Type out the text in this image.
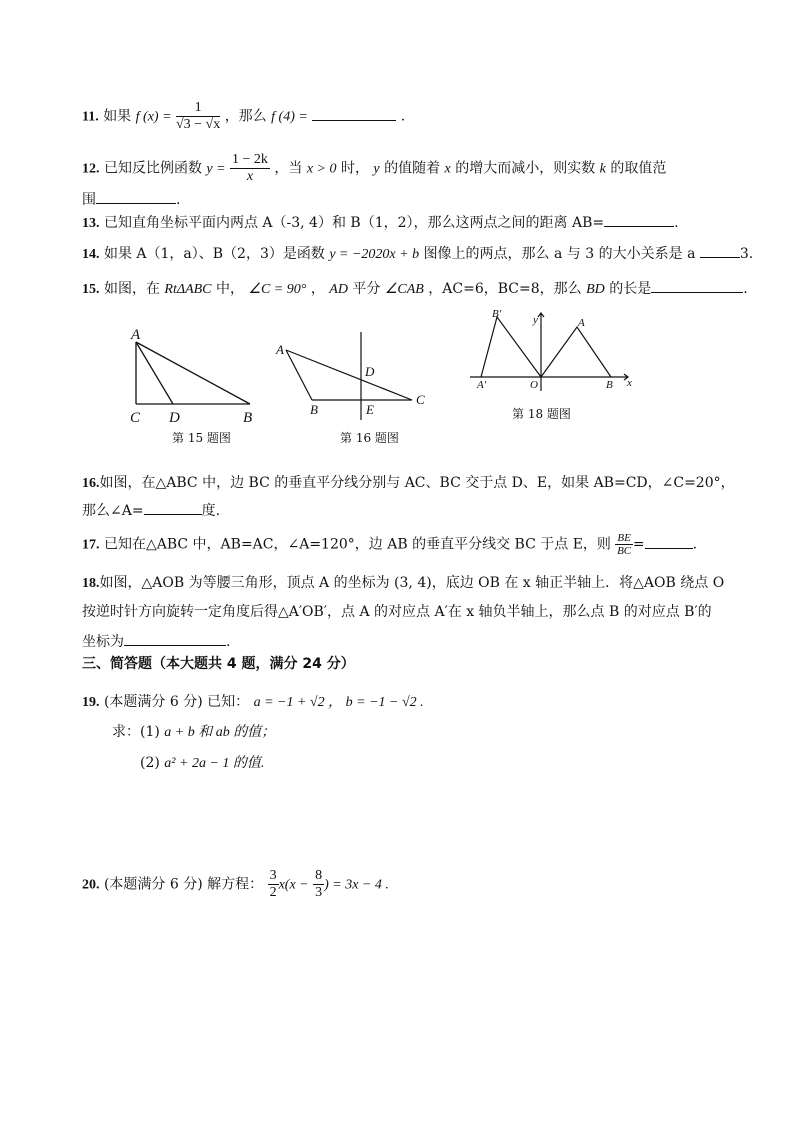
11. 如果 f $(x) = \frac{1}{√3 - √x}$ ，那么 f (4) =	.
12. 已知反比例函数 $y = \frac{1 - 2k}{x}$ ，当 x > 0 时， y 的值随着 x 的增大而减小，则实数 k 的取值范
围	.
13. 已知直角坐标平面内两点 A（-3, 4）和 B（1，2），那么这两点之间的距离 AB=	.
14. 如果 A（1，a）、B（2，3）是函数 y = −2020x + b 图像上的两点，那么 a 与 3 的大小关系是 a	3.
15. 如图，在 RtΔABC 中， ∠C = 90° ， AD 平分 ∠CAB ，AC=6，BC=8，那么 BD 的长是	.
A
C D	B
第 15 题图
A
D
B	E
C
第 16 题图
B′	y	A
A′	O	B x
第 18 题图
16.如图，在△ABC 中，边 BC 的垂直平分线分别与 AC、BC 交于点 D、E，如果 AB=CD，∠C=20°，
那么∠A=	度.
17. 已知在△ABC 中，AB=AC，∠A=120°，边 AB 的垂直平分线交 BC 于点 E，则 $\frac{BE}{BC}$ =	.
18.如图，△AOB 为等腰三角形，顶点 A 的坐标为 (3, 4)，底边 OB 在 x 轴正半轴上．将△AOB 绕点 O
按逆时针方向旋转一定角度后得△A′OB′，点 A 的对应点 A′在 x 轴负半轴上，那么点 B 的对应点 B′的
坐标为	.
三、简答题（本大题共 4 题，满分 24 分）
19. (本题满分 6 分) 已知： a = −1 + √2 ， b = −1 − √2 .
求：(1) a + b 和 ab 的值；
(2) a² + 2a − 1 的值.
20. (本题满分 6 分) 解方程： $\frac{3}{2} x(x - \frac{8}{3}$ ) = 3x − 4 .
